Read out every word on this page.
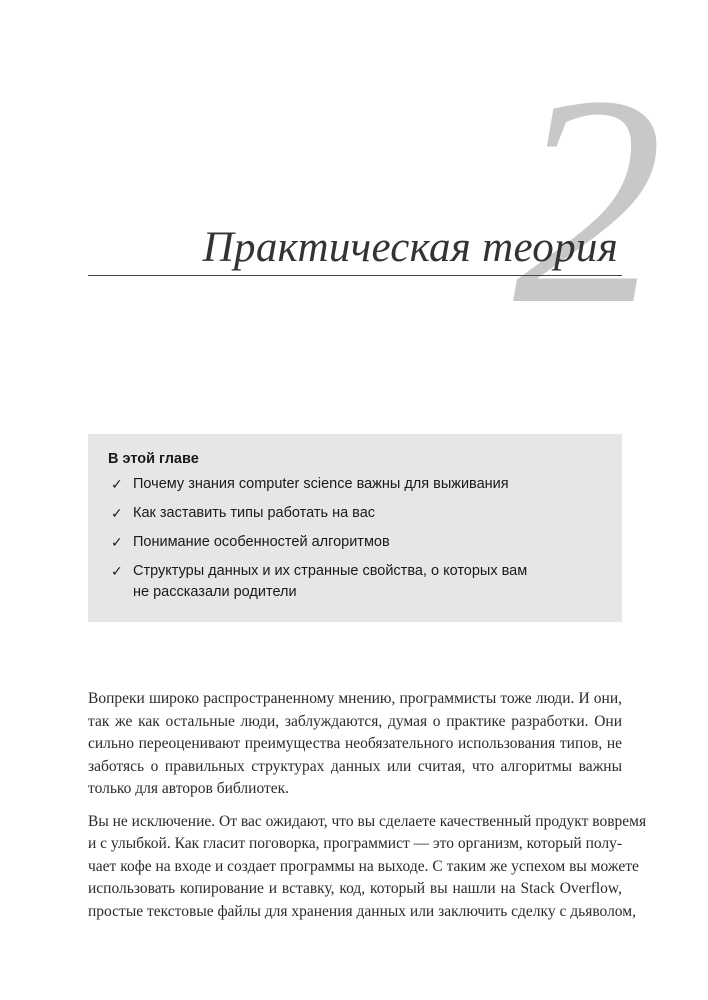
2
Практическая теория
В этой главе
✓ Почему знания computer science важны для выживания
✓ Как заставить типы работать на вас
✓ Понимание особенностей алгоритмов
✓ Структуры данных и их странные свойства, о которых вам
не рассказали родители

Вопреки широко распространенному мнению, программисты тоже люди. И они,
так же как остальные люди, заблуждаются, думая о практике разработки. Они
сильно переоценивают преимущества необязательного использования типов, не
заботясь о правильных структурах данных или считая, что алгоритмы важны
только для авторов библиотек.

Вы не исключение. От вас ожидают, что вы сделаете качественный продукт вовремя
и с улыбкой. Как гласит поговорка, программист — это организм, который полу-
чает кофе на входе и создает программы на выходе. С таким же успехом вы можете
использовать копирование и вставку, код, который вы нашли на Stack Overflow,
простые текстовые файлы для хранения данных или заключить сделку с дьяволом,
